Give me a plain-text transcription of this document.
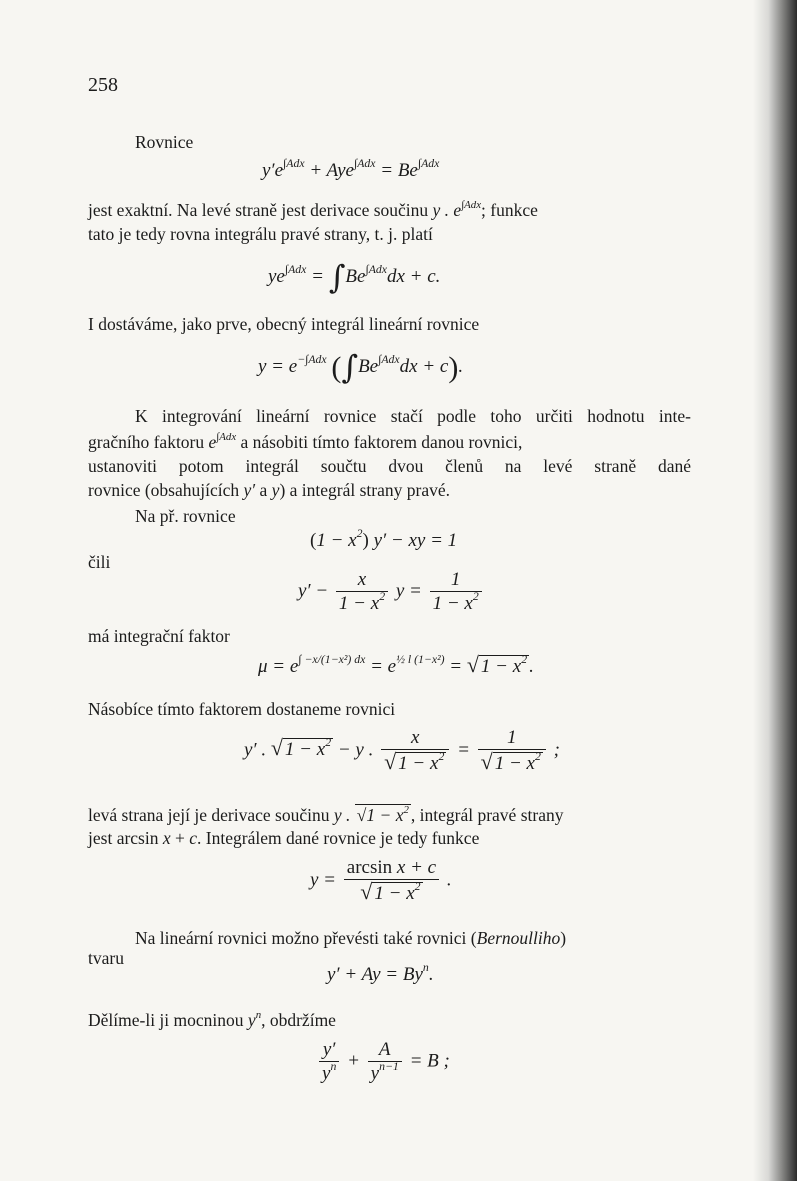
258
Rovnice
$y'e^{\int Adx} + Aye^{\int Adx} = Be^{\int Adx}$
jest exaktní. Na levé straně jest derivace součinu y . $e^{\int Adx}$; funkce
tato je tedy rovna integrálu pravé strany, t. j. platí
$ye^{\int Adx} = \int Be^{\int Adx}dx + c$.
I dostáváme, jako prve, obecný integrál lineární rovnice
$y = e^{-\int Adx}$ $(\int Be^{\int Adx}dx + c)$.
K integrování lineární rovnice stačí podle toho určiti hodnotu inte-
gračního faktoru $e^{\int Adx}$ a násobiti tímto faktorem danou rovnici,
ustanoviti potom integrál součtu dvou členů na levé straně dané
rovnice (obsahujících y′ a y) a integrál strany pravé.
Na př. rovnice
$(1 - x^2)$ y′ − xy = 1
čili
$y' - \frac{x}{1 - x^2}$ $y = \frac{1}{1 - x^2}$
má integrační faktor
$\mu = e^{\int -x/(1-x^2) dx} = e^{\frac{1}{2} l (1-x^2)}$ = √ $1 - x^2$ .
Násobíce tímto faktorem dostaneme rovnici
y′ . √ $1 - x^2 - y$ . $\frac{x}{√ 1 - x^2} = \frac{1}{√ 1 - x^2}$ ;
levá strana její je derivace součinu y . $√1 - x^2$ , integrál pravé strany
jest arcsin x + c. Integrálem dané rovnice je tedy funkce
$y = \frac{\text{arcsin x + c}}{√ 1 - x^2}$ .
Na lineární rovnici možno převésti také rovnici (Bernoulliho)
tvaru
$y' + Ay = By^n$.
Dělíme-li ji mocninou $y^n$, obdržíme
$\frac{y'}{y^n} + \frac{A}{y^{n-1}} = B$ ;
